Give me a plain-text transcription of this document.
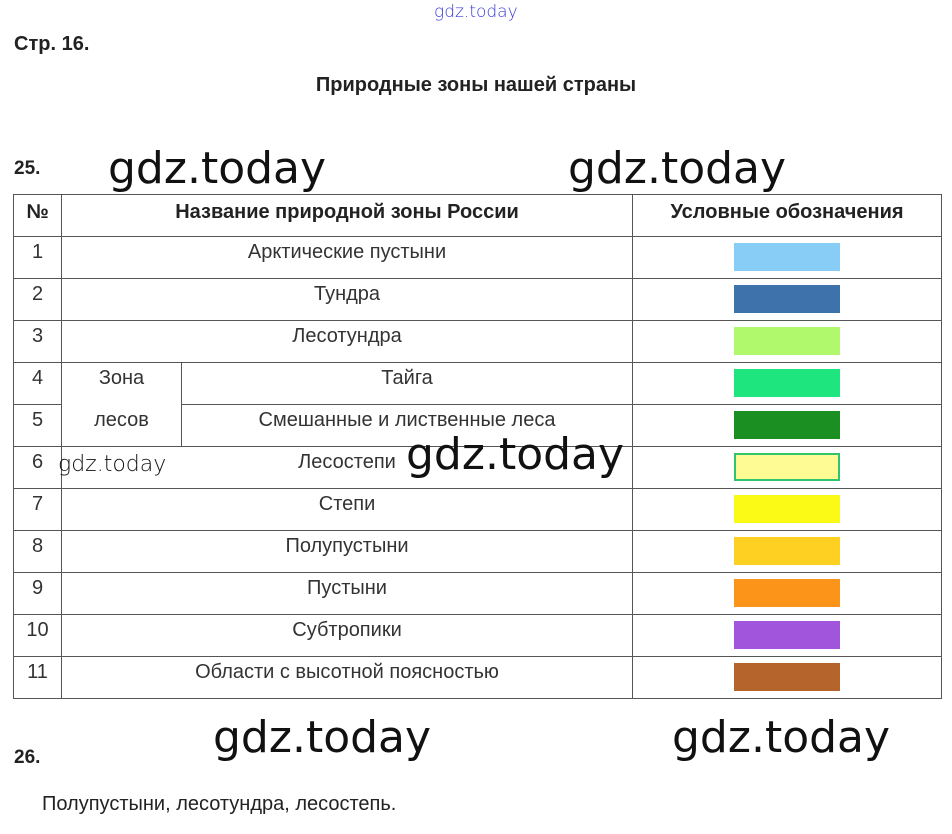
gdz.today
Стр. 16.
Природные зоны нашей страны
25. gdz.today	gdz.today
№	Название природной зоны России		Условные обозначения
1	Арктические пустыни		
2	Тундра		
3	Лесотундра		
4	Зона	Тайга	
5	лесов	Смешанные и лиственные леса	
6	Лесостепи		
7	Степи		
8	Полупустыни		
9	Пустыни		
10	Субтропики		
11	Области с высотной поясностью		
gdz.today
gdz.today
26.	gdz.today	gdz.today
Полупустыни, лесотундра, лесостепь.
